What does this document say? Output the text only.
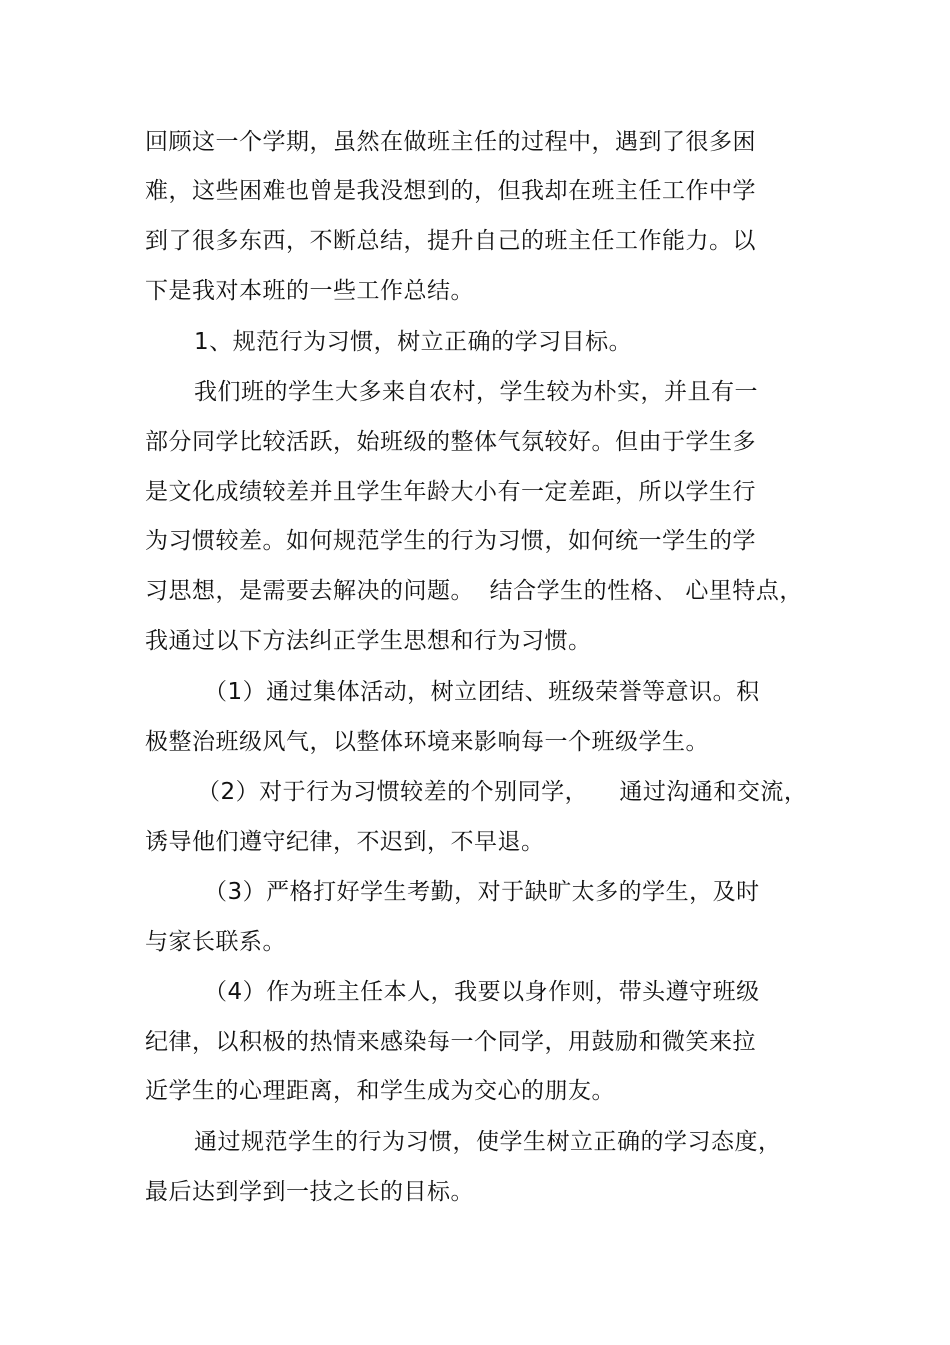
回顾这一个学期，虽然在做班主任的过程中，遇到了很多困
难，这些困难也曾是我没想到的，但我却在班主任工作中学
到了很多东西，不断总结，提升自己的班主任工作能力。以
下是我对本班的一些工作总结。
1、规范行为习惯，树立正确的学习目标。
我们班的学生大多来自农村，学生较为朴实，并且有一
部分同学比较活跃，始班级的整体气氛较好。但由于学生多
是文化成绩较差并且学生年龄大小有一定差距，所以学生行
为习惯较差。如何规范学生的行为习惯，如何统一学生的学
习思想，是需要去解决的问题。  结合学生的性格、 心里特点，
我通过以下方法纠正学生思想和行为习惯。
（1）通过集体活动，树立团结、班级荣誉等意识。积
极整治班级风气，以整体环境来影响每一个班级学生。
（2）对于行为习惯较差的个别同学，    通过沟通和交流，
诱导他们遵守纪律，不迟到，不早退。
（3）严格打好学生考勤，对于缺旷太多的学生，及时
与家长联系。
（4）作为班主任本人，我要以身作则，带头遵守班级
纪律，以积极的热情来感染每一个同学，用鼓励和微笑来拉
近学生的心理距离，和学生成为交心的朋友。
通过规范学生的行为习惯，使学生树立正确的学习态度，
最后达到学到一技之长的目标。
